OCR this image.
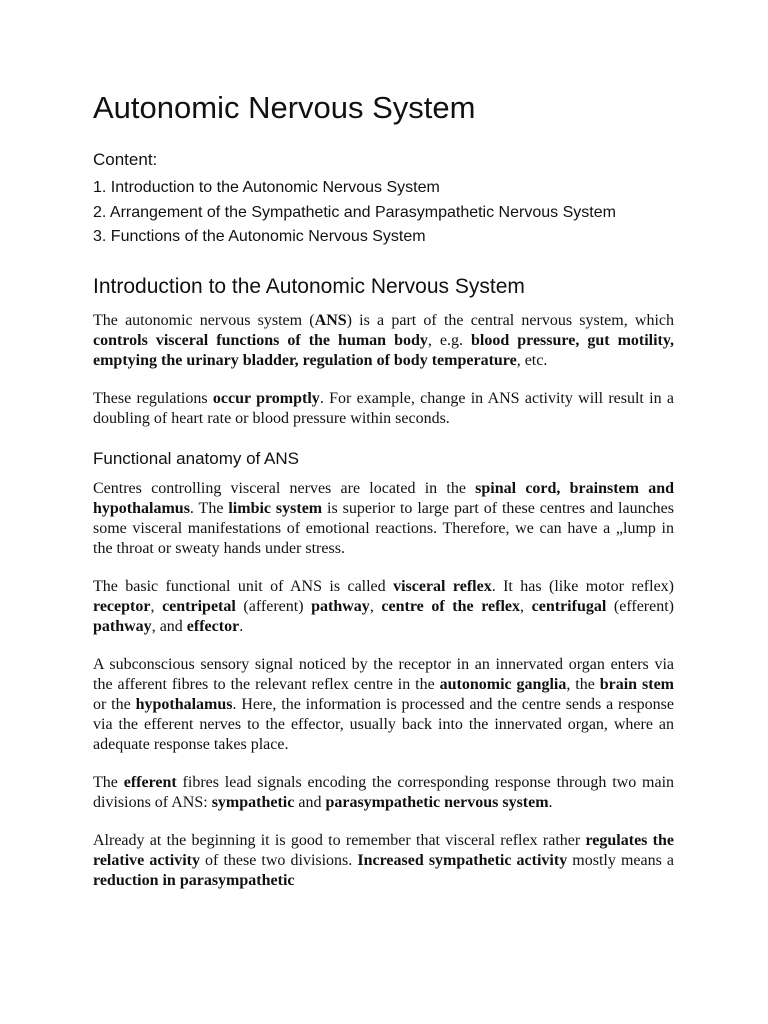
Autonomic Nervous System
Content:
1. Introduction to the Autonomic Nervous System
2. Arrangement of the Sympathetic and Parasympathetic Nervous System
3. Functions of the Autonomic Nervous System
Introduction to the Autonomic Nervous System

The autonomic nervous system (ANS) is a part of the central nervous system, which controls visceral functions of the human body, e.g. blood pressure, gut motility, emptying the urinary bladder, regulation of body temperature, etc.

These regulations occur promptly. For example, change in ANS activity will result in a doubling of heart rate or blood pressure within seconds.

Functional anatomy of ANS

Centres controlling visceral nerves are located in the spinal cord, brainstem and hypothalamus. The limbic system is superior to large part of these centres and launches some visceral manifestations of emotional reactions. Therefore, we can have a „lump in the throat or sweaty hands under stress.

The basic functional unit of ANS is called visceral reflex. It has (like motor reflex) receptor, centripetal (afferent) pathway, centre of the reflex, centrifugal (efferent) pathway, and effector.

A subconscious sensory signal noticed by the receptor in an innervated organ enters via the afferent fibres to the relevant reflex centre in the autonomic ganglia, the brain stem or the hypothalamus. Here, the information is processed and the centre sends a response via the efferent nerves to the effector, usually back into the innervated organ, where an adequate response takes place.

The efferent fibres lead signals encoding the corresponding response through two main divisions of ANS: sympathetic and parasympathetic nervous system.

Already at the beginning it is good to remember that visceral reflex rather regulates the relative activity of these two divisions. Increased sympathetic activity mostly means a reduction in parasympathetic
